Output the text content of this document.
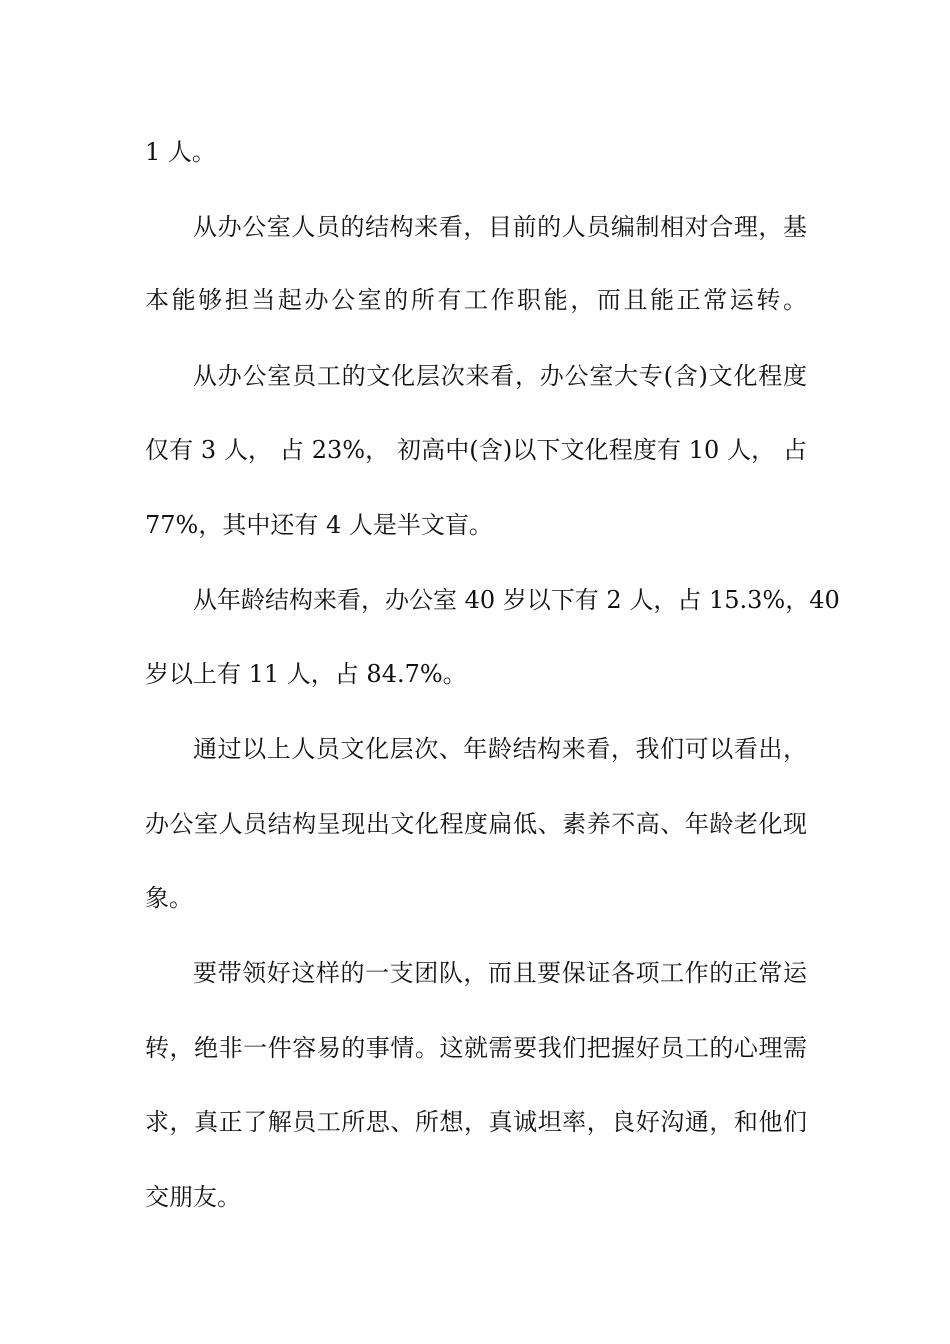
1 人。
从办公室人员的结构来看，目前的人员编制相对合理，基
本能够担当起办公室的所有工作职能，而且能正常运转。
从办公室员工的文化层次来看，办公室大专(含)文化程度
仅有 3 人， 占 23%， 初高中(含)以下文化程度有 10 人， 占
77%，其中还有 4 人是半文盲。
从年龄结构来看，办公室 40 岁以下有 2 人，占 15.3%，40
岁以上有 11 人，占 84.7%。
通过以上人员文化层次、年龄结构来看，我们可以看出，
办公室人员结构呈现出文化程度扁低、素养不高、年龄老化现
象。
要带领好这样的一支团队，而且要保证各项工作的正常运
转，绝非一件容易的事情。这就需要我们把握好员工的心理需
求，真正了解员工所思、所想，真诚坦率，良好沟通，和他们
交朋友。
